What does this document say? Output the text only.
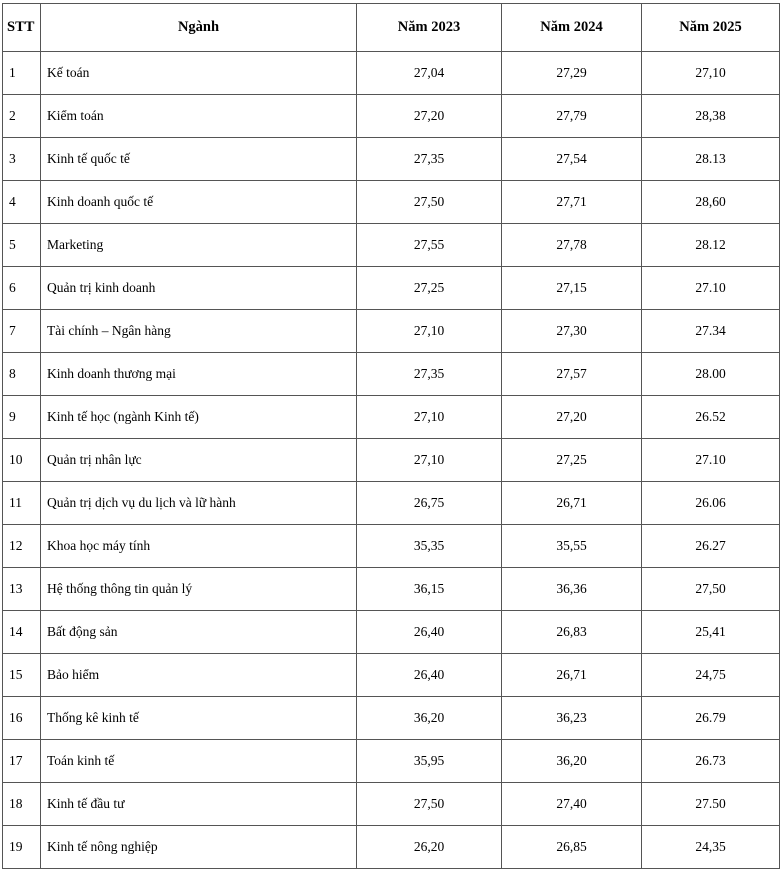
STT	Ngành	Năm 2023	Năm 2024	Năm 2025
1	Kế toán	27,04	27,29	27,10
2	Kiểm toán	27,20	27,79	28,38
3	Kinh tế quốc tế	27,35	27,54	28.13
4	Kinh doanh quốc tế	27,50	27,71	28,60
5	Marketing	27,55	27,78	28.12
6	Quản trị kinh doanh	27,25	27,15	27.10
7	Tài chính – Ngân hàng	27,10	27,30	27.34
8	Kinh doanh thương mại	27,35	27,57	28.00
9	Kinh tế học (ngành Kinh tế)	27,10	27,20	26.52
10	Quản trị nhân lực	27,10	27,25	27.10
11	Quản trị dịch vụ du lịch và lữ hành	26,75	26,71	26.06
12	Khoa học máy tính	35,35	35,55	26.27
13	Hệ thống thông tin quản lý	36,15	36,36	27,50
14	Bất động sản	26,40	26,83	25,41
15	Bảo hiểm	26,40	26,71	24,75
16	Thống kê kinh tế	36,20	36,23	26.79
17	Toán kinh tế	35,95	36,20	26.73
18	Kinh tế đầu tư	27,50	27,40	27.50
19	Kinh tế nông nghiệp	26,20	26,85	24,35
